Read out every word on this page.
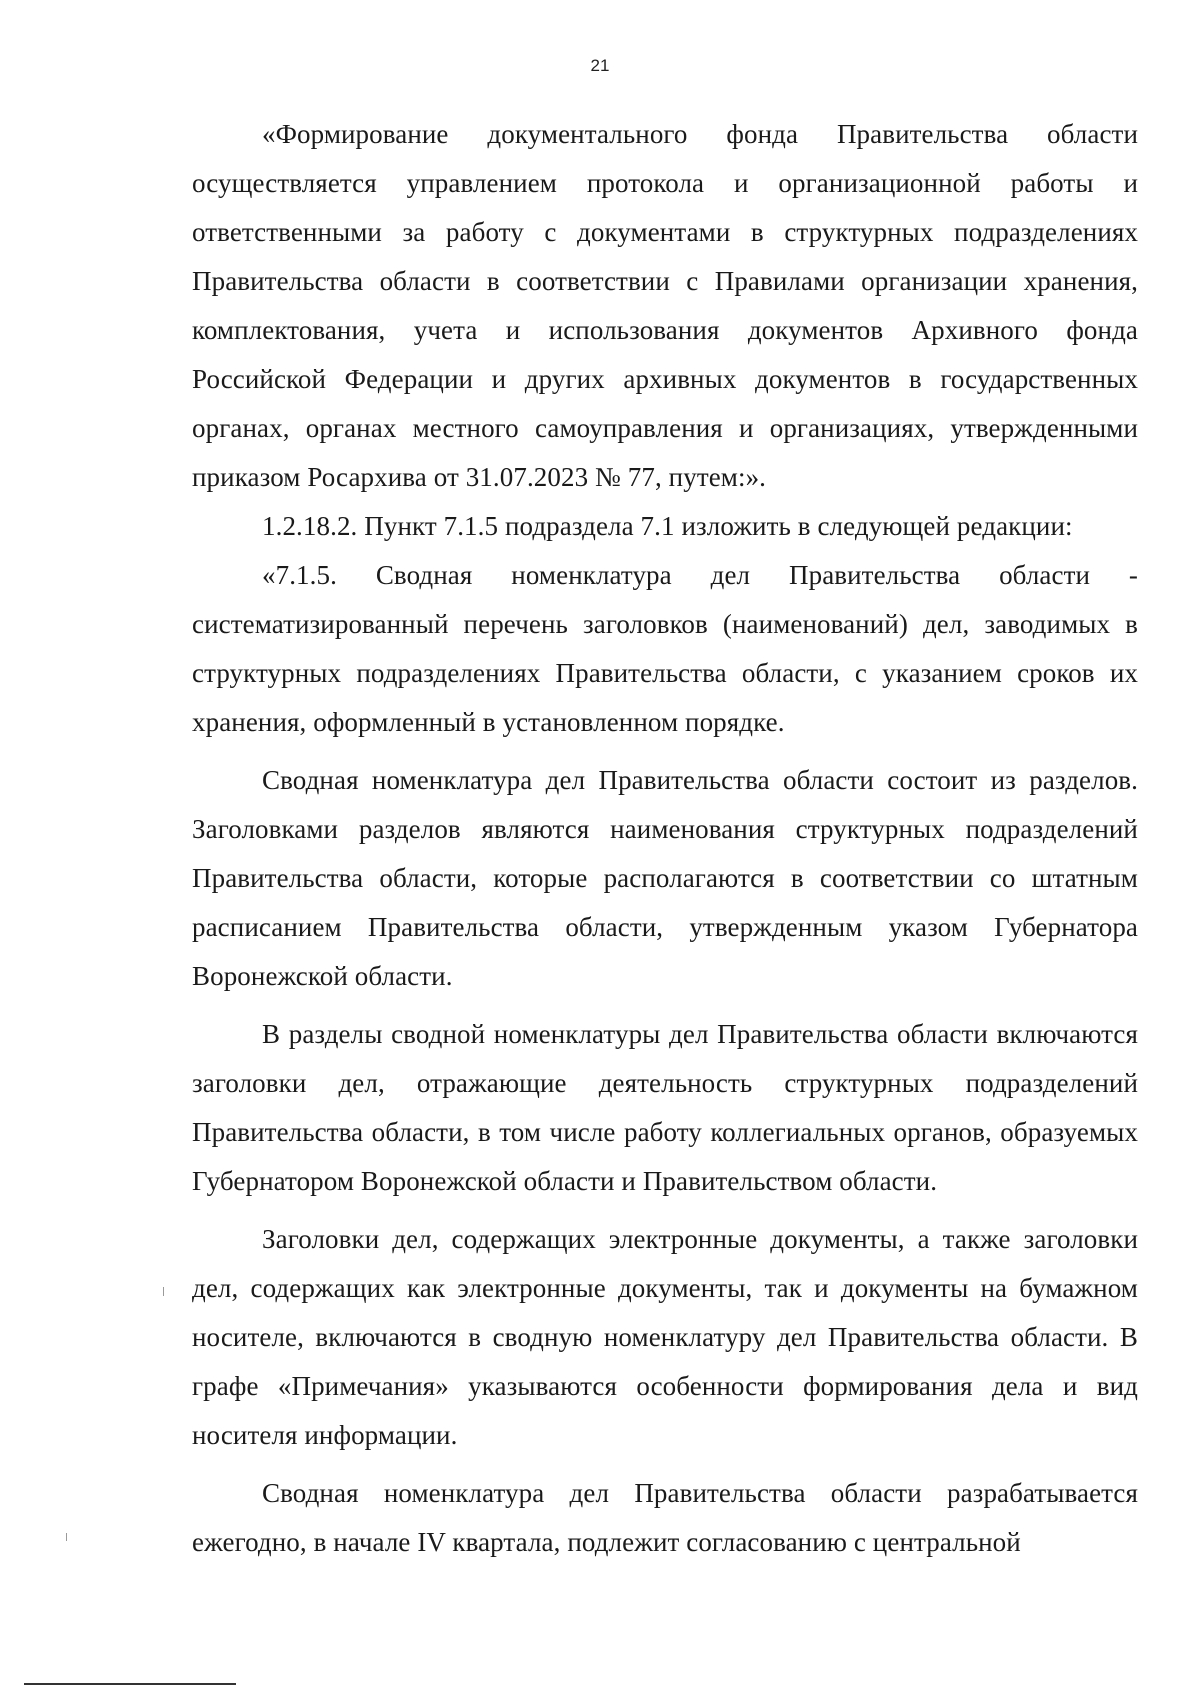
21

«Формирование документального фонда Правительства области осуществляется управлением протокола и организационной работы и ответственными за работу с документами в структурных подразделениях Правительства области в соответствии с Правилами организации хранения, комплектования, учета и использования документов Архивного фонда Российской Федерации и других архивных документов в государственных органах, органах местного самоуправления и организациях, утвержденными приказом Росархива от 31.07.2023 № 77, путем:».

1.2.18.2. Пункт 7.1.5 подраздела 7.1 изложить в следующей редакции:

«7.1.5. Сводная номенклатура дел Правительства области - систематизированный перечень заголовков (наименований) дел, заводимых в структурных подразделениях Правительства области, с указанием сроков их хранения, оформленный в установленном порядке.

Сводная номенклатура дел Правительства области состоит из разделов. Заголовками разделов являются наименования структурных подразделений Правительства области, которые располагаются в соответствии со штатным расписанием Правительства области, утвержденным указом Губернатора Воронежской области.

В разделы сводной номенклатуры дел Правительства области включаются заголовки дел, отражающие деятельность структурных подразделений Правительства области, в том числе работу коллегиальных органов, образуемых Губернатором Воронежской области и Правительством области.

Заголовки дел, содержащих электронные документы, а также заголовки дел, содержащих как электронные документы, так и документы на бумажном носителе, включаются в сводную номенклатуру дел Правительства области. В графе «Примечания» указываются особенности формирования дела и вид носителя информации.

Сводная номенклатура дел Правительства области разрабатывается ежегодно, в начале IV квартала, подлежит согласованию с центральной
